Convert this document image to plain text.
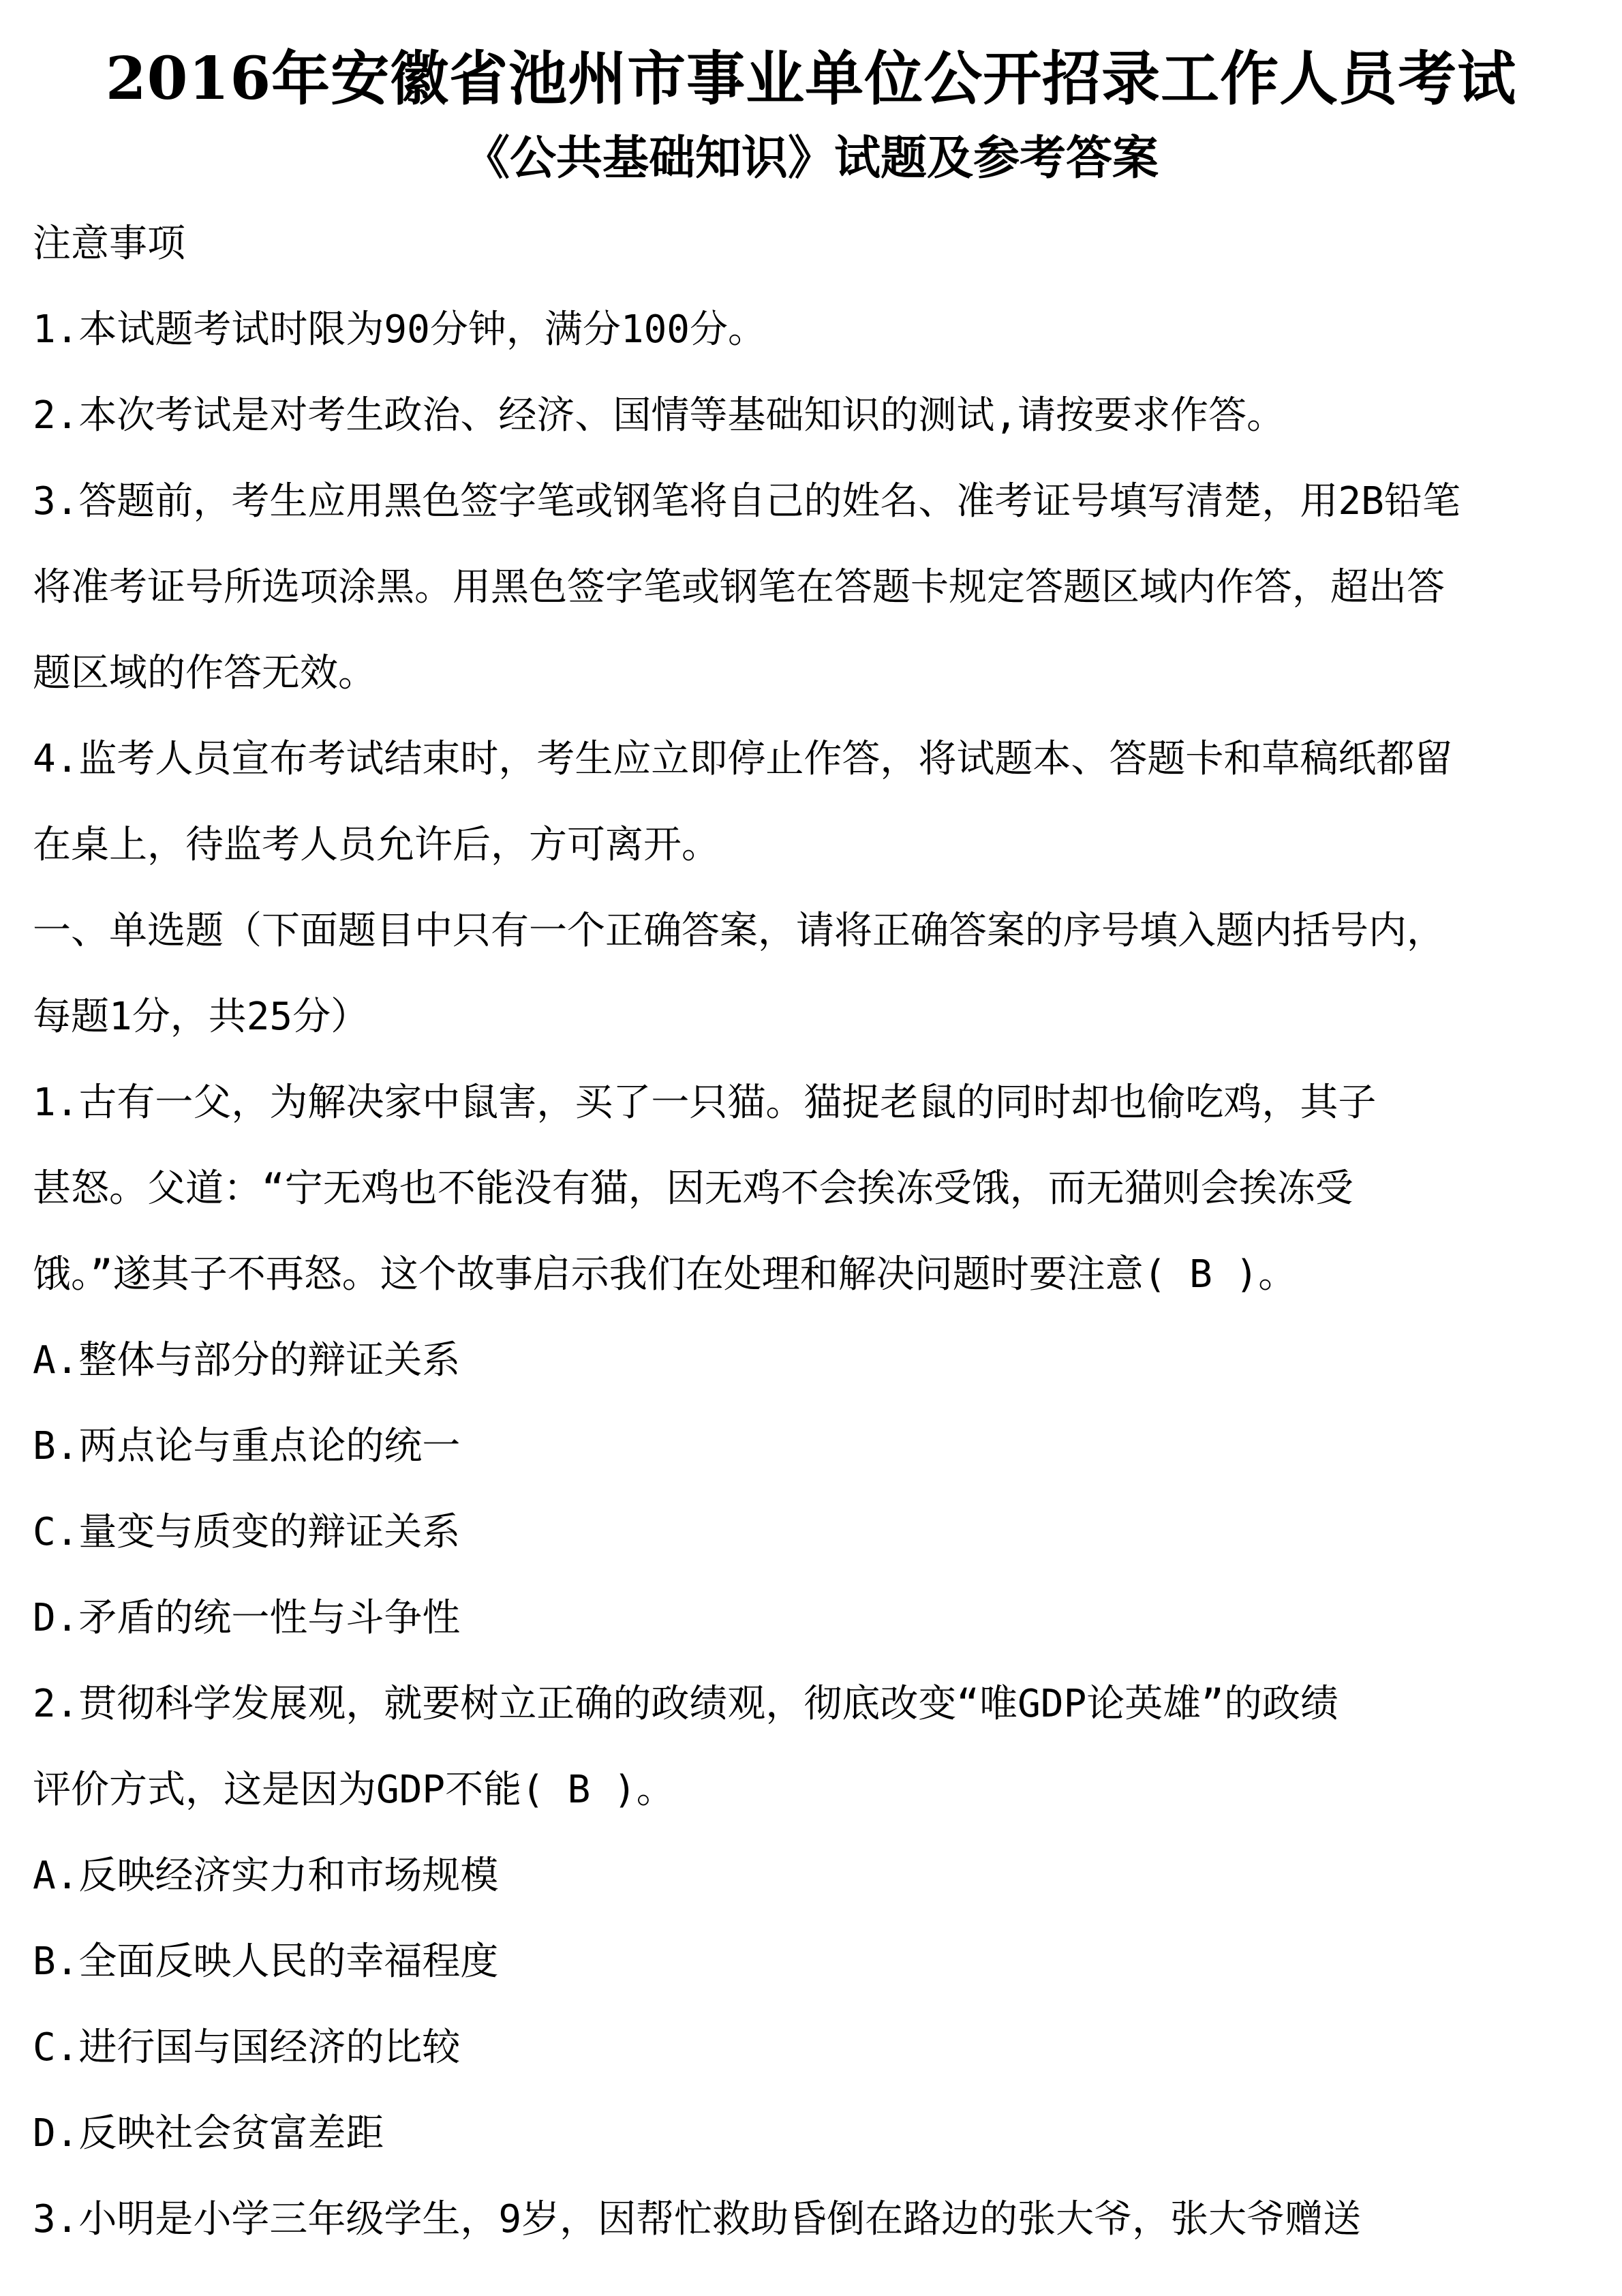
2016年安徽省池州市事业单位公开招录工作人员考试
《公共基础知识》试题及参考答案

注意事项

1.本试题考试时限为90分钟，满分100分。

2.本次考试是对考生政治、经济、国情等基础知识的测试,请按要求作答。

3.答题前，考生应用黑色签字笔或钢笔将自己的姓名、准考证号填写清楚，用2B铅笔

将准考证号所选项涂黑。用黑色签字笔或钢笔在答题卡规定答题区域内作答，超出答

题区域的作答无效。

4.监考人员宣布考试结束时，考生应立即停止作答，将试题本、答题卡和草稿纸都留

在桌上，待监考人员允许后，方可离开。

一、单选题（下面题目中只有一个正确答案，请将正确答案的序号填入题内括号内，

每题1分，共25分）

1.古有一父，为解决家中鼠害，买了一只猫。猫捉老鼠的同时却也偷吃鸡，其子

甚怒。父道：“宁无鸡也不能没有猫，因无鸡不会挨冻受饿，而无猫则会挨冻受

饿。”遂其子不再怒。这个故事启示我们在处理和解决问题时要注意( B )。

A.整体与部分的辩证关系

B.两点论与重点论的统一

C.量变与质变的辩证关系

D.矛盾的统一性与斗争性

2.贯彻科学发展观，就要树立正确的政绩观，彻底改变“唯GDP论英雄”的政绩

评价方式，这是因为GDP不能( B )。

A.反映经济实力和市场规模

B.全面反映人民的幸福程度

C.进行国与国经济的比较

D.反映社会贫富差距

3.小明是小学三年级学生，9岁，因帮忙救助昏倒在路边的张大爷，张大爷赠送
